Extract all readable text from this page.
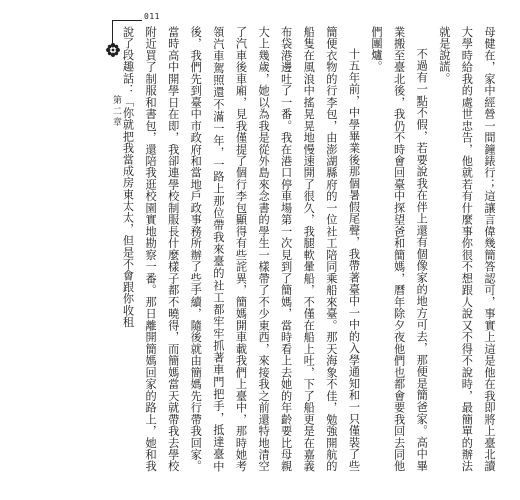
011
第二章	母健在，家中經營一間鐘錶行；這讓言偉幾簡答認可，事實上這是他在我即將上臺北讀大學時給我的處世忠告，他就若有什麼事你很不想跟人說又不得不說時，最簡單的辦法就是說謊。

不過有一點不假，若要說我在伴上還有個像家的地方可去，那便是簡爸家。高中畢業搬至臺北後，我仍不時會回臺中探望爸和簡媽，曆年除夕夜他們也都會要我回去同他們團爐。

十五年前，中學畢業後那個暑假尾聲，我帶著臺中一中的入學通知和一只僅裝了些簡便衣物的行李包，由澎湖縣府的一位社工陪同乘船來臺。那天海象不佳，勉強開航的船隻在風浪中搖晃晃地慢速開了很久，我腿軟暈船，不僅在船上吐，下了船更是在嘉義布袋港邊吐了一番。我在港口停車場第一次見到了簡媽，當時看上去她的年齡要比母親大上幾歲，她以為我是從外島來念書的學生一樣帶了不少東西，來接我之前還特地清空了汽車後車廂，見我僅提了個行李包顯得有些詫異，簡媽開車載我們上臺中，那時她考領汽車駕照還不滿一年，一路上那位帶我來臺的社工都牢牢抓著車門把手，抵達臺中後，我們先到臺中市政府和當地戶政事務所辦了些手續，隨後就由簡媽先行帶我回家。當時高中開學日在即，我卻連學校制服長什麼樣子都不曉得，而簡媽當天就帶我去學校附近買了制服和書包，還陪我逛校園實地勘察一番。那日離開簡媽回家的路上，她和我說了段趣話：「你就把我當成房東太太，但是不會跟你收租
